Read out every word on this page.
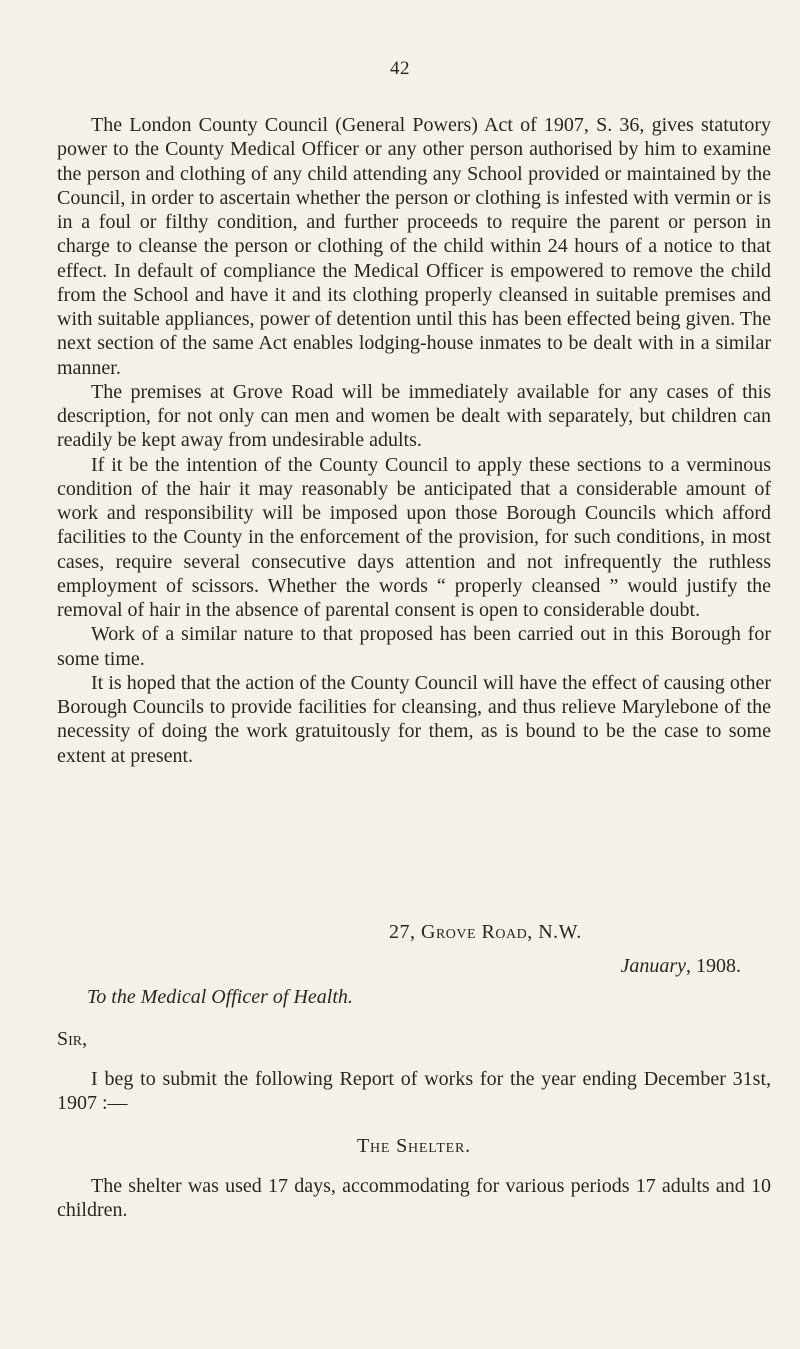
42

The London County Council (General Powers) Act of 1907, S. 36, gives statutory power to the County Medical Officer or any other person authorised by him to examine the person and clothing of any child attending any School provided or maintained by the Council, in order to ascertain whether the person or clothing is infested with vermin or is in a foul or filthy condition, and further proceeds to require the parent or person in charge to cleanse the person or clothing of the child within 24 hours of a notice to that effect. In default of compliance the Medical Officer is empowered to remove the child from the School and have it and its clothing properly cleansed in suitable premises and with suitable appliances, power of detention until this has been effected being given. The next section of the same Act enables lodging-house inmates to be dealt with in a similar manner.

The premises at Grove Road will be immediately available for any cases of this description, for not only can men and women be dealt with separately, but children can readily be kept away from undesirable adults.

If it be the intention of the County Council to apply these sections to a verminous condition of the hair it may reasonably be anticipated that a considerable amount of work and responsibility will be imposed upon those Borough Councils which afford facilities to the County in the enforcement of the provision, for such conditions, in most cases, require several consecutive days attention and not infrequently the ruthless employment of scissors. Whether the words “ properly cleansed ” would justify the removal of hair in the absence of parental consent is open to considerable doubt.

Work of a similar nature to that proposed has been carried out in this Borough for some time.

It is hoped that the action of the County Council will have the effect of causing other Borough Councils to provide facilities for cleansing, and thus relieve Marylebone of the necessity of doing the work gratuitously for them, as is bound to be the case to some extent at present.

27, Grove Road, N.W.
January, 1908.
To the Medical Officer of Health.
Sir,
I beg to submit the following Report of works for the year ending December 31st, 1907 :—
The Shelter.
The shelter was used 17 days, accommodating for various periods 17 adults and 10 children.
